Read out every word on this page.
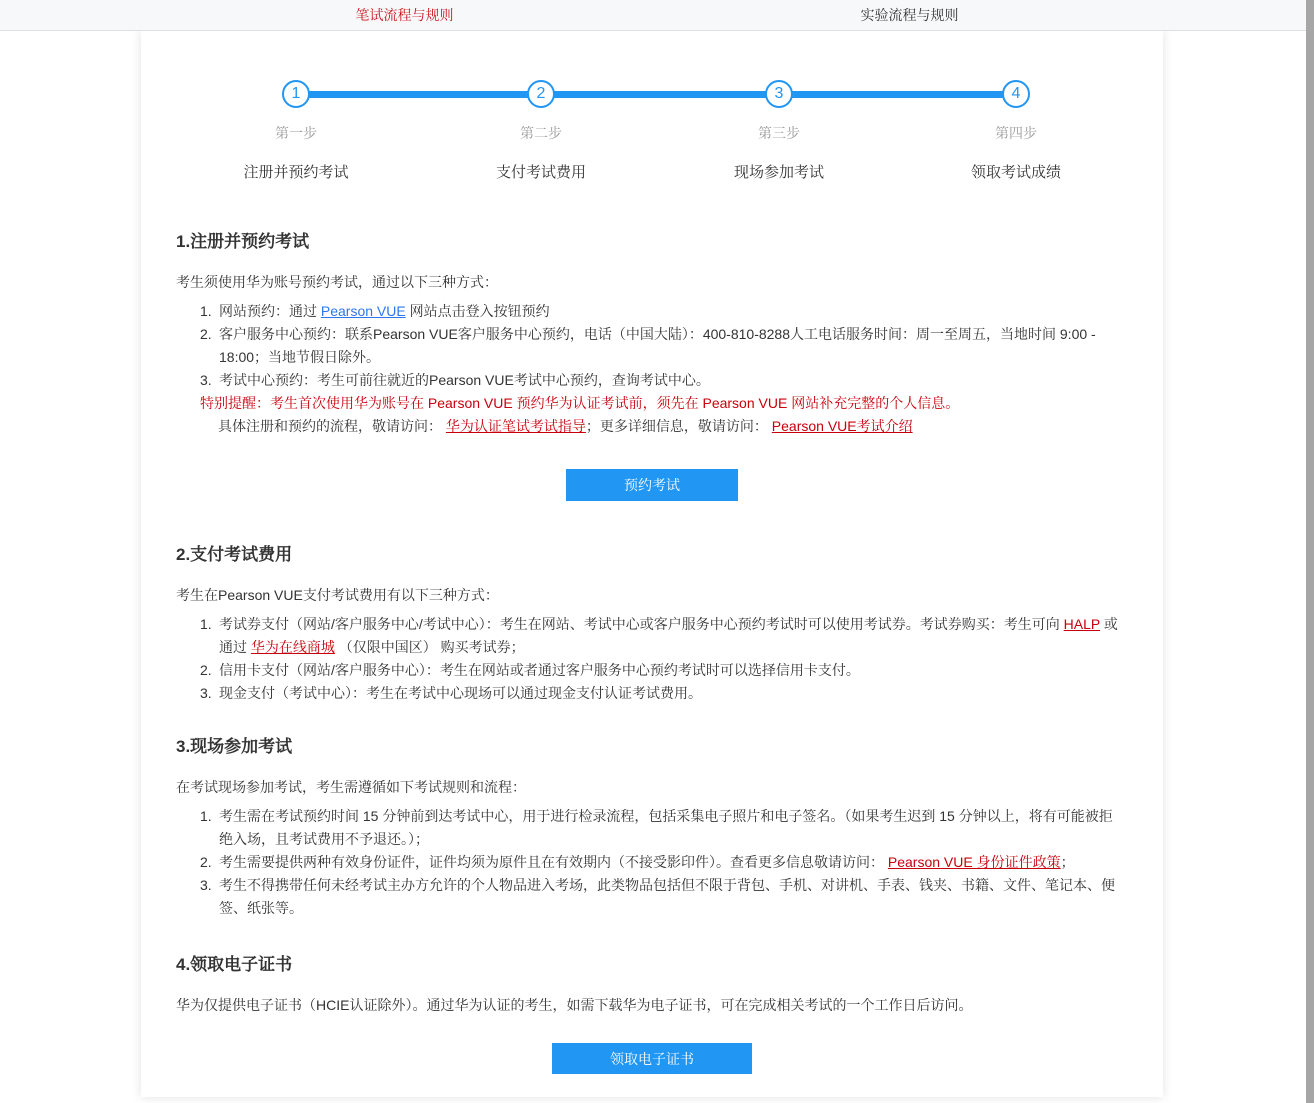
笔试流程与规则	实验流程与规则
1
第一步
注册并预约考试
2
第二步
支付考试费用
3
第三步
现场参加考试
4
第四步
领取考试成绩
1.注册并预约考试

考生须使用华为账号预约考试，通过以下三种方式：

1. 网站预约：通过 Pearson VUE 网站点击登入按钮预约
2. 客户服务中心预约：联系Pearson VUE客户服务中心预约，电话（中国大陆）：400-810-8288人工电话服务时间：周一至周五，当地时间 9:00 - 18:00；当地节假日除外。
3. 考试中心预约：考生可前往就近的Pearson VUE考试中心预约，查询考试中心。
特别提醒：考生首次使用华为账号在 Pearson VUE 预约华为认证考试前，须先在 Pearson VUE 网站补充完整的个人信息。
具体注册和预约的流程，敬请访问： 华为认证笔试考试指导；更多详细信息，敬请访问： Pearson VUE考试介绍
预约考试
2.支付考试费用

考生在Pearson VUE支付考试费用有以下三种方式：

1. 考试券支付（网站/客户服务中心/考试中心）：考生在网站、考试中心或客户服务中心预约考试时可以使用考试券。考试券购买：考生可向 HALP 或通过 华为在线商城 （仅限中国区） 购买考试券；
2. 信用卡支付（网站/客户服务中心）：考生在网站或者通过客户服务中心预约考试时可以选择信用卡支付。
3. 现金支付（考试中心）：考生在考试中心现场可以通过现金支付认证考试费用。
3.现场参加考试

在考试现场参加考试，考生需遵循如下考试规则和流程：

1. 考生需在考试预约时间 15 分钟前到达考试中心，用于进行检录流程，包括采集电子照片和电子签名。（如果考生迟到 15 分钟以上，将有可能被拒绝入场，且考试费用不予退还。）；
2. 考生需要提供两种有效身份证件，证件均须为原件且在有效期内（不接受影印件）。查看更多信息敬请访问： Pearson VUE 身份证件政策；
3. 考生不得携带任何未经考试主办方允许的个人物品进入考场，此类物品包括但不限于背包、手机、对讲机、手表、钱夹、书籍、文件、笔记本、便签、纸张等。
4.领取电子证书

华为仅提供电子证书（HCIE认证除外）。通过华为认证的考生，如需下载华为电子证书，可在完成相关考试的一个工作日后访问。

领取电子证书
